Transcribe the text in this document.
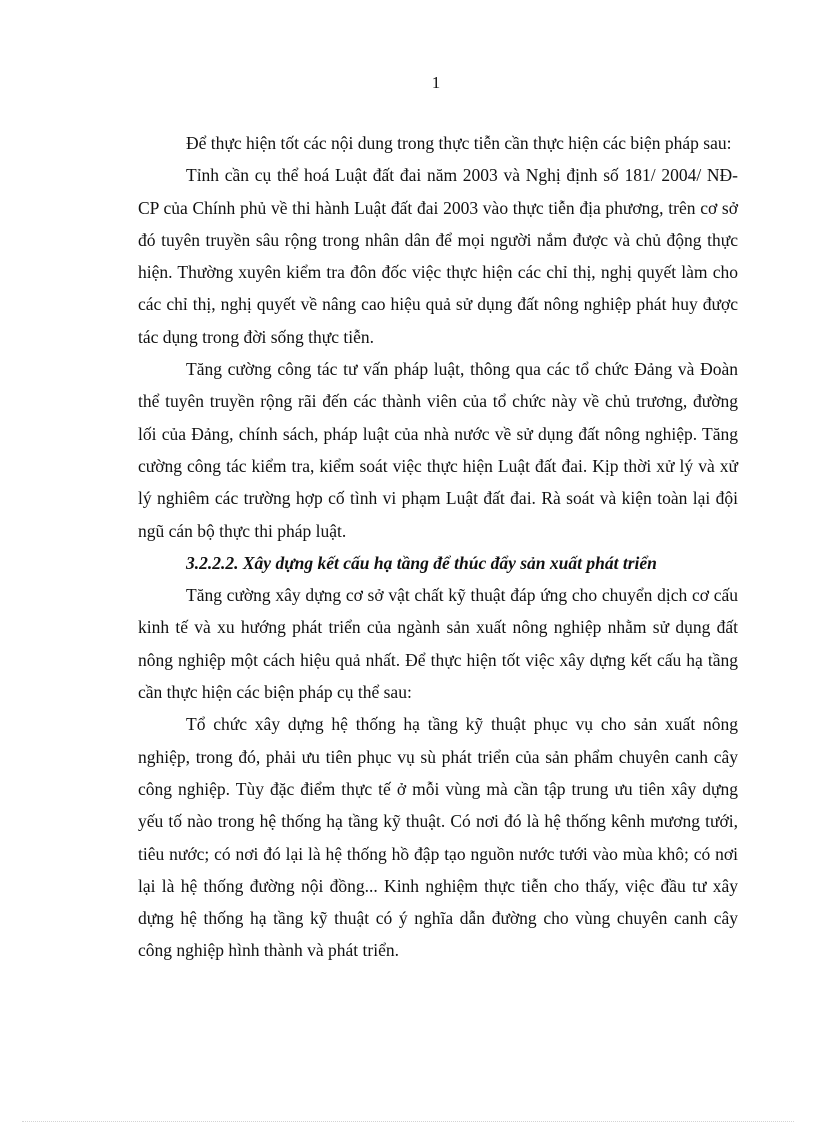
1

Để thực hiện tốt các nội dung trong thực tiễn cần thực hiện các biện pháp sau:

Tỉnh cần cụ thể hoá Luật đất đai năm 2003 và Nghị định số 181/ 2004/ NĐ-CP của Chính phủ về thi hành Luật đất đai 2003 vào thực tiễn địa phương, trên cơ sở đó tuyên truyền sâu rộng trong nhân dân để mọi người nắm được và chủ động thực hiện. Thường xuyên kiểm tra đôn đốc việc thực hiện các chỉ thị, nghị quyết làm cho các chỉ thị, nghị quyết về nâng cao hiệu quả sử dụng đất nông nghiệp phát huy được tác dụng trong đời sống thực tiễn.

Tăng cường công tác tư vấn pháp luật, thông qua các tổ chức Đảng và Đoàn thể tuyên truyền rộng rãi đến các thành viên của tổ chức này về chủ trương, đường lối của Đảng, chính sách, pháp luật của nhà nước về sử dụng đất nông nghiệp. Tăng cường công tác kiểm tra, kiểm soát việc thực hiện Luật đất đai. Kịp thời xử lý và xử lý nghiêm các trường hợp cố tình vi phạm Luật đất đai. Rà soát và kiện toàn lại đội ngũ cán bộ thực thi pháp luật.

3.2.2.2. Xây dựng kết cấu hạ tầng để thúc đẩy sản xuất phát triển

Tăng cường xây dựng cơ sở vật chất kỹ thuật đáp ứng cho chuyển dịch cơ cấu kinh tế và xu hướng phát triển của ngành sản xuất nông nghiệp nhằm sử dụng đất nông nghiệp một cách hiệu quả nhất. Để thực hiện tốt việc xây dựng kết cấu hạ tầng cần thực hiện các biện pháp cụ thể sau:

Tổ chức xây dựng hệ thống hạ tầng kỹ thuật phục vụ cho sản xuất nông nghiệp, trong đó, phải ưu tiên phục vụ sù phát triển của sản phẩm chuyên canh cây công nghiệp. Tùy đặc điểm thực tế ở mỗi vùng mà cần tập trung ưu tiên xây dựng yếu tố nào trong hệ thống hạ tầng kỹ thuật. Có nơi đó là hệ thống kênh mương tưới, tiêu nước; có nơi đó lại là hệ thống hồ đập tạo nguồn nước tưới vào mùa khô; có nơi lại là hệ thống đường nội đồng... Kinh nghiệm thực tiễn cho thấy, việc đầu tư xây dựng hệ thống hạ tầng kỹ thuật có ý nghĩa dẫn đường cho vùng chuyên canh cây công nghiệp hình thành và phát triển.
